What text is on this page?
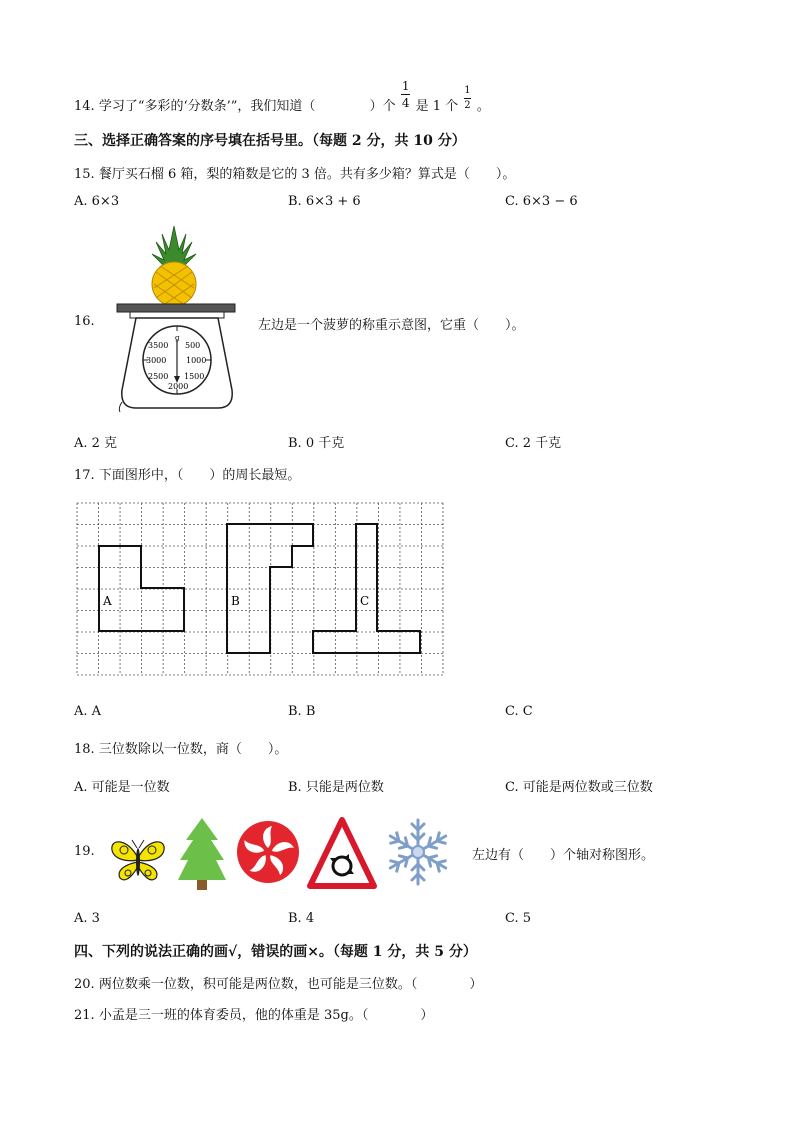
14. 学习了“多彩的‘分数条’”，我们知道（	）个 $\frac{1}{4}$ 是 1 个 $\frac{1}{2}$ 。
三、选择正确答案的序号填在括号里。（每题 2 分，共 10 分）
15. 餐厅买石榴 6 箱，梨的箱数是它的 3 倍。共有多少箱？算式是（　　）。
A. 6×3	B. 6×3 + 6	C. 6×3 − 6
16.
g
3500 500
3000 1000
2500 1500
2000
左边是一个菠萝的称重示意图，它重（　　）。
A. 2 克	B. 0 千克	C. 2 千克
17. 下面图形中，（　　）的周长最短。
A	B	C
A. A	B. B	C. C
18. 三位数除以一位数，商（　　）。
A. 可能是一位数	B. 只能是两位数	C. 可能是两位数或三位数
19.	左边有（　　）个轴对称图形。
A. 3	B. 4	C. 5
四、下列的说法正确的画√，错误的画×。（每题 1 分，共 5 分）
20. 两位数乘一位数，积可能是两位数，也可能是三位数。（　　　　）
21. 小孟是三一班的体育委员，他的体重是 35g。（　　　　）
